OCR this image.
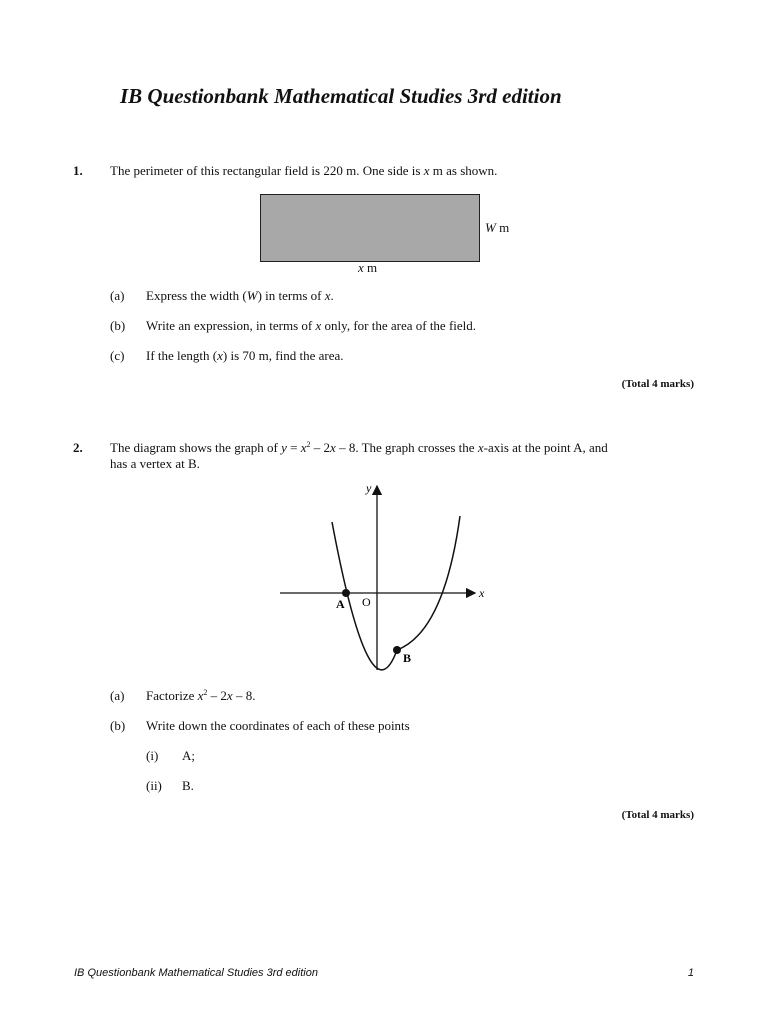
IB Questionbank Mathematical Studies 3rd edition
1. The perimeter of this rectangular field is 220 m. One side is x m as shown.
W m
x m
(a) Express the width (W) in terms of x.
(b) Write an expression, in terms of x only, for the area of the field.
(c) If the length (x) is 70 m, find the area.
(Total 4 marks)
2. The diagram shows the graph of $y = x^2 - 2x - 8$. The graph crosses the x-axis at the point A, and
has a vertex at B.
y
x
O
A
B
(a) Factorize $x^2 - 2x - 8$.
(b) Write down the coordinates of each of these points
(i) A;
(ii) B.
(Total 4 marks)
IB Questionbank Mathematical Studies 3rd edition	1
